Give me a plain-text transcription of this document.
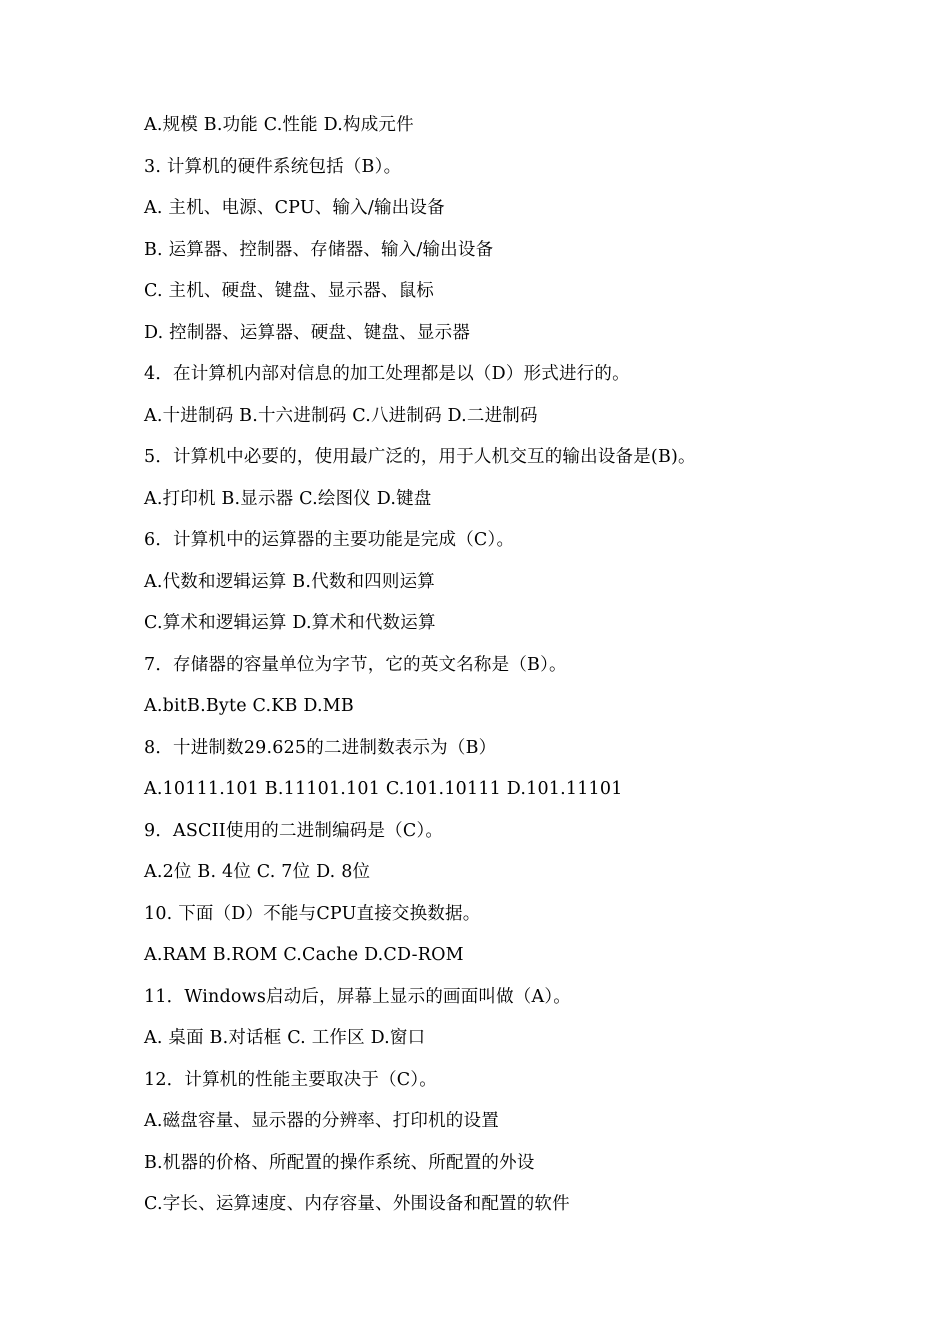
A.规模 B.功能 C.性能 D.构成元件
3. 计算机的硬件系统包括（B）。
A. 主机、电源、CPU、输入/输出设备
B. 运算器、控制器、存储器、输入/输出设备
C. 主机、硬盘、键盘、显示器、鼠标
D. 控制器、运算器、硬盘、键盘、显示器
4．在计算机内部对信息的加工处理都是以（D）形式进行的。
A.十进制码 B.十六进制码 C.八进制码 D.二进制码
5．计算机中必要的，使用最广泛的，用于人机交互的输出设备是(B)。
A.打印机 B.显示器 C.绘图仪 D.键盘
6．计算机中的运算器的主要功能是完成（C）。
A.代数和逻辑运算 B.代数和四则运算
C.算术和逻辑运算 D.算术和代数运算
7．存储器的容量单位为字节，它的英文名称是（B）。
A.bitB.Byte C.KB D.MB
8．十进制数29.625的二进制数表示为（B）
A.10111.101 B.11101.101 C.101.10111 D.101.11101
9．ASCII使用的二进制编码是（C）。
A.2位 B. 4位 C. 7位 D. 8位
10. 下面（D）不能与CPU直接交换数据。
A.RAM B.ROM C.Cache D.CD-ROM
11．Windows启动后，屏幕上显示的画面叫做（A）。
A. 桌面 B.对话框 C. 工作区 D.窗口
12．计算机的性能主要取决于（C）。
A.磁盘容量、显示器的分辨率、打印机的设置
B.机器的价格、所配置的操作系统、所配置的外设
C.字长、运算速度、内存容量、外围设备和配置的软件
